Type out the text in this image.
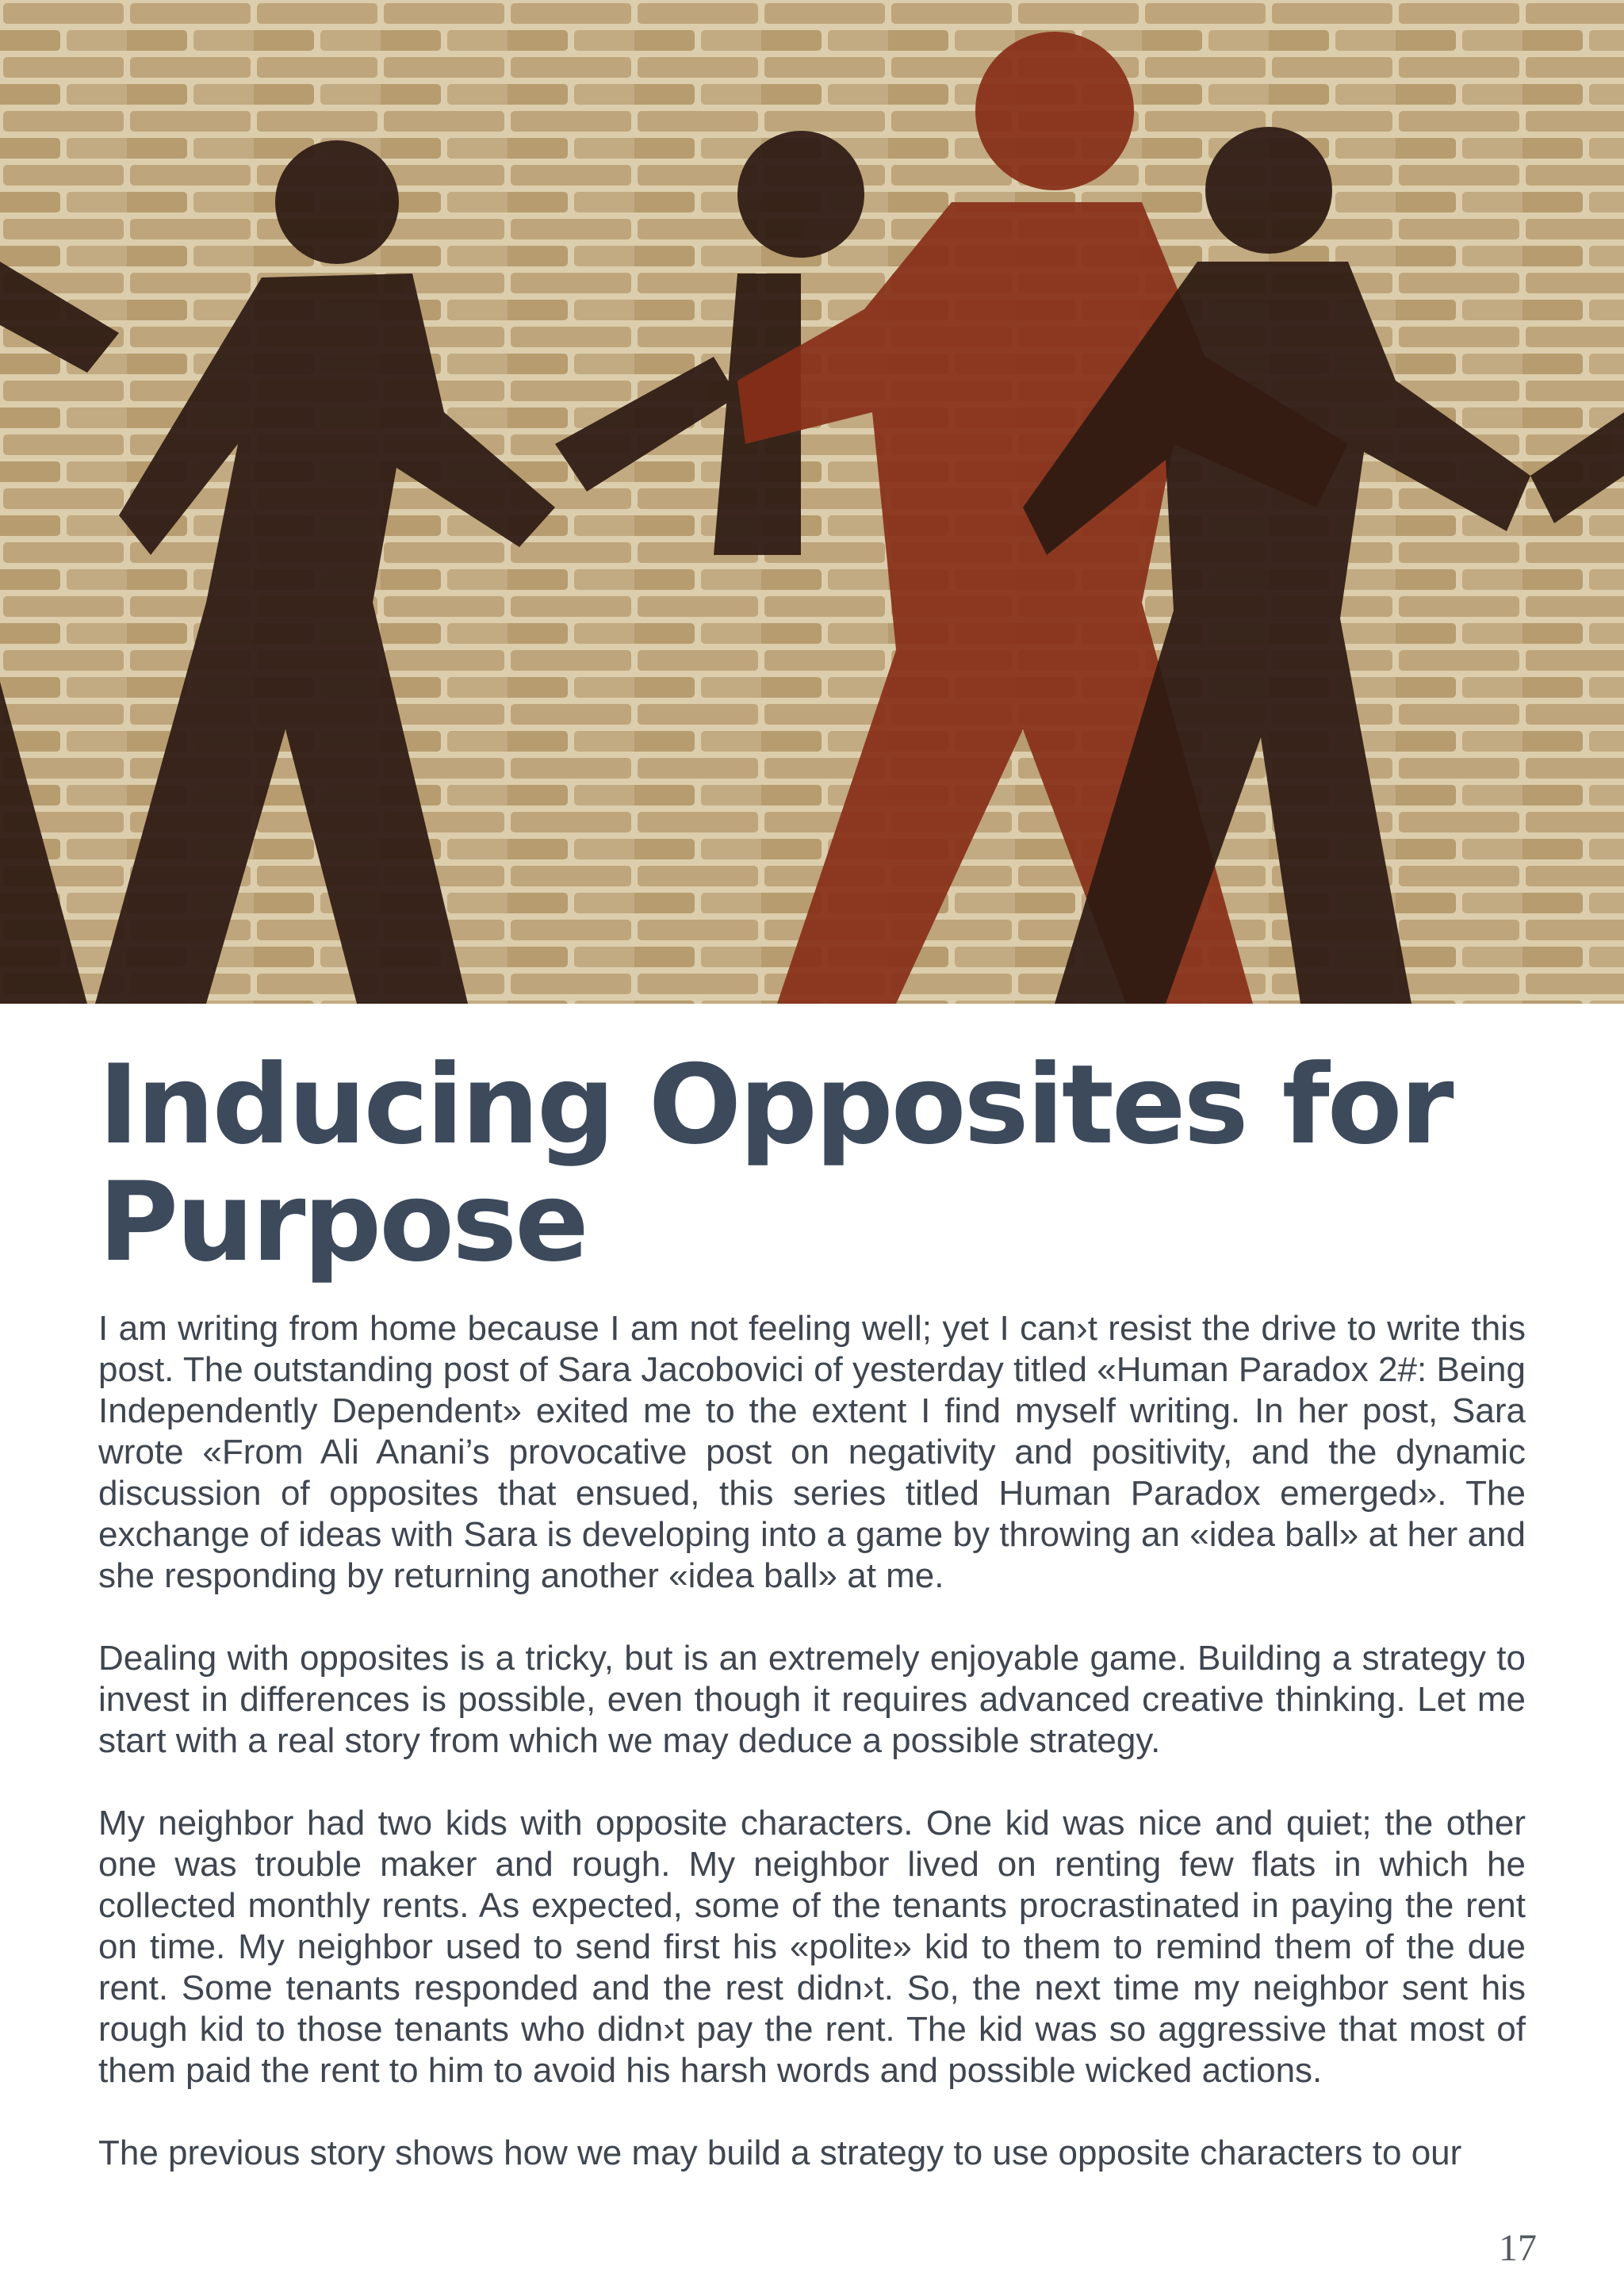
Inducing Opposites for Purpose

I am writing from home because I am not feeling well; yet I can›t resist the drive to write this post. The outstanding post of Sara Jacobovici of yesterday titled «Human Paradox 2#: Being Independently Dependent» exited me to the extent I find myself writing. In her post, Sara wrote «From Ali Anani’s provocative post on negativity and positivity, and the dynamic discussion of opposites that ensued, this series titled Human Paradox emerged». The exchange of ideas with Sara is developing into a game by throwing an «idea ball» at her and she responding by returning another «idea ball» at me.

Dealing with opposites is a tricky, but is an extremely enjoyable game. Building a strategy to invest in differences is possible, even though it requires advanced creative thinking. Let me start with a real story from which we may deduce a possible strategy.

My neighbor had two kids with opposite characters. One kid was nice and quiet; the other one was trouble maker and rough. My neighbor lived on renting few flats in which he collected monthly rents. As expected, some of the tenants procrastinated in paying the rent on time. My neighbor used to send first his «polite» kid to them to remind them of the due rent. Some tenants responded and the rest didn›t. So, the next time my neighbor sent his rough kid to those tenants who didn›t pay the rent. The kid was so aggressive that most of them paid the rent to him to avoid his harsh words and possible wicked actions.

The previous story shows how we may build a strategy to use opposite characters to our

17
